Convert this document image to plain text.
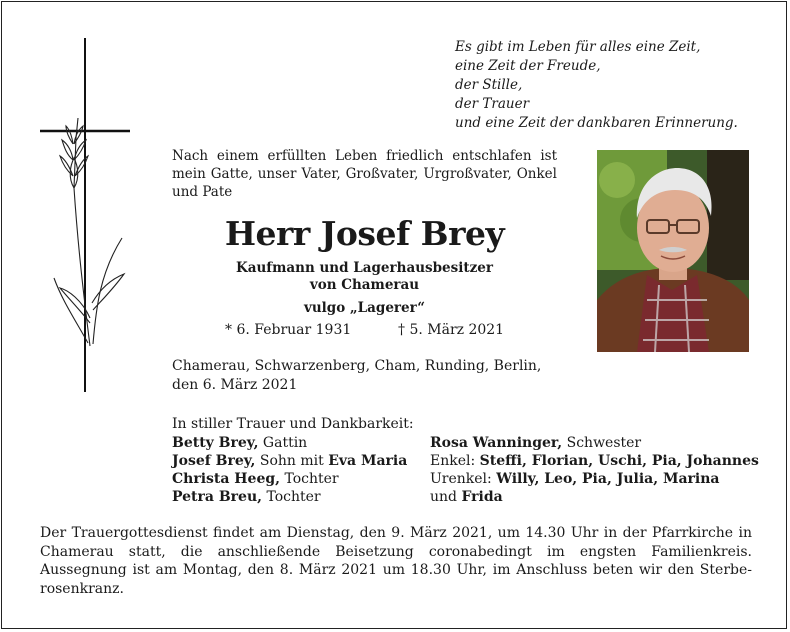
Es gibt im Leben für alles eine Zeit,
eine Zeit der Freude,
der Stille,
der Trauer
und eine Zeit der dankbaren Erinnerung.
Nach einem erfüllten Leben friedlich entschlafen ist mein Gatte, unser Vater, Großvater, Urgroßvater, Onkel und Pate
Herr Josef Brey
Kaufmann und Lagerhausbesitzer
von Chamerau
vulgo „Lagerer“
* 6. Februar 1931	† 5. März 2021
Chamerau, Schwarzenberg, Cham, Runding, Berlin,
den 6. März 2021
In stiller Trauer und Dankbarkeit:
Betty Brey, Gattin
Josef Brey, Sohn mit Eva Maria
Christa Heeg, Tochter
Petra Breu, Tochter
Rosa Wanninger, Schwester
Enkel: Steffi, Florian, Uschi, Pia, Johannes
Urenkel: Willy, Leo, Pia, Julia, Marina
und Frida
Der Trauergottesdienst findet am Dienstag, den 9. März 2021, um 14.30 Uhr in der Pfarrkirche in Chamerau statt, die anschließende Beisetzung coronabedingt im engsten Familienkreis. Aussegnung ist am Montag, den 8. März 2021 um 18.30 Uhr, im Anschluss beten wir den Sterberosenkranz.
